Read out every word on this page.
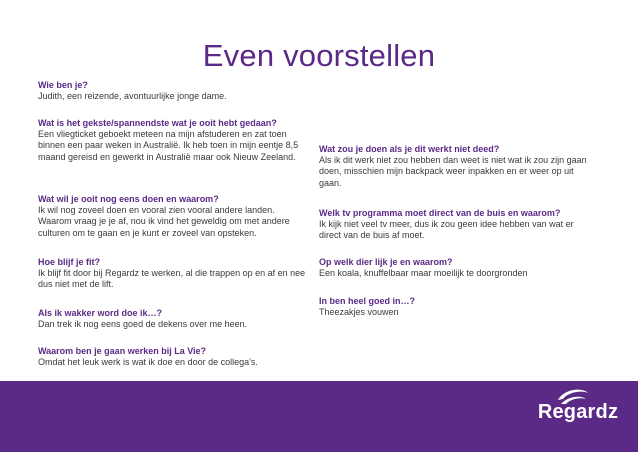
Even voorstellen
Wie ben je?
Judith, een reizende, avontuurlijke jonge dame.
Wat is het gekste/spannendste wat je ooit hebt gedaan?
Een vliegticket geboekt meteen na mijn afstuderen en zat toen binnen een paar weken in Australië. Ik heb toen in mijn eentje 8,5 maand gereisd en gewerkt in Australië maar ook Nieuw Zeeland.
Wat wil je ooit nog eens doen en waarom?
Ik wil nog zoveel doen en vooral zien vooral andere landen. Waarom vraag je je af, nou ik vind het geweldig om met andere culturen om te gaan en je kunt er zoveel van opsteken.
Hoe blijf je fit?
Ik blijf fit door bij Regardz te werken, al die trappen op en af en nee dus niet met de lift.
Als ik wakker word doe ik…?
Dan trek ik nog eens goed de dekens over me heen.
Waarom ben je gaan werken bij La Vie?
Omdat het leuk werk is wat ik doe en door de collega's.
Wat zou je doen als je dit werkt niet deed?
Als ik dit werk niet zou hebben dan weet is niet wat ik zou zijn gaan doen, misschien mijn backpack weer inpakken en er weer op uit gaan.
Welk tv programma moet direct van de buis en waarom?
Ik kijk niet veel tv meer, dus ik zou geen idee hebben van wat er direct van de buis af moet.
Op welk dier lijk je en waarom?
Een koala, knuffelbaar maar moeilijk te doorgronden
In ben heel goed in…?
Theezakjes vouwen
Regardz
